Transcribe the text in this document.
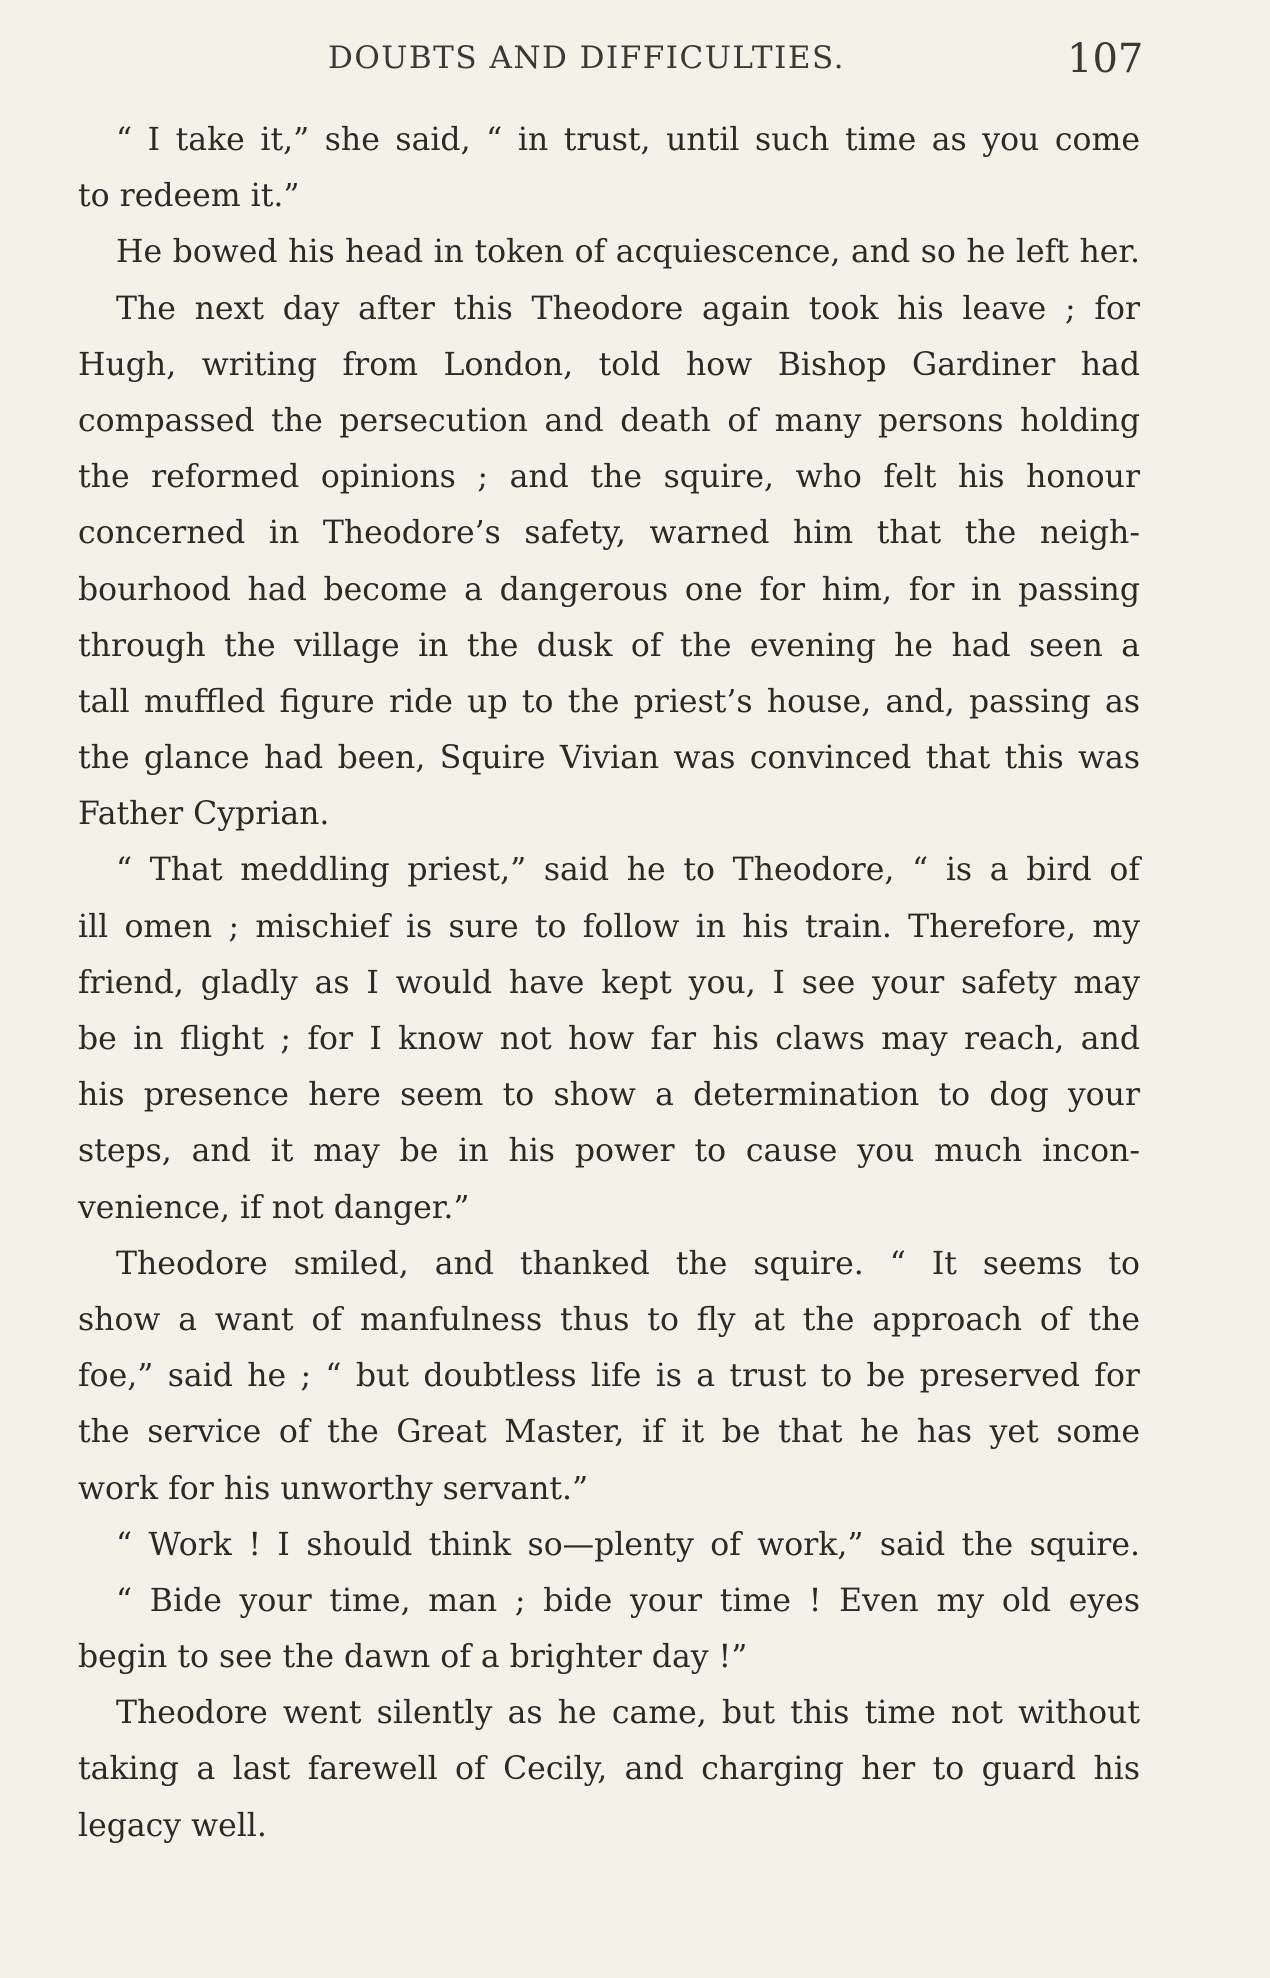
DOUBTS AND DIFFICULTIES.	107
“ I take it,” she said, “ in trust, until such time as you come
to redeem it.”
He bowed his head in token of acquiescence, and so he left her.
The next day after this Theodore again took his leave ; for
Hugh, writing from London, told how Bishop Gardiner had
compassed the persecution and death of many persons holding
the reformed opinions ; and the squire, who felt his honour
concerned in Theodore’s safety, warned him that the neigh-
bourhood had become a dangerous one for him, for in passing
through the village in the dusk of the evening he had seen a
tall muffled figure ride up to the priest’s house, and, passing as
the glance had been, Squire Vivian was convinced that this was
Father Cyprian.
“ That meddling priest,” said he to Theodore, “ is a bird of
ill omen ; mischief is sure to follow in his train. Therefore, my
friend, gladly as I would have kept you, I see your safety may
be in flight ; for I know not how far his claws may reach, and
his presence here seem to show a determination to dog your
steps, and it may be in his power to cause you much incon-
venience, if not danger.”
Theodore smiled, and thanked the squire. “ It seems to
show a want of manfulness thus to fly at the approach of the
foe,” said he ; “ but doubtless life is a trust to be preserved for
the service of the Great Master, if it be that he has yet some
work for his unworthy servant.”
“ Work ! I should think so—plenty of work,” said the squire.
“ Bide your time, man ; bide your time ! Even my old eyes
begin to see the dawn of a brighter day !”
Theodore went silently as he came, but this time not without
taking a last farewell of Cecily, and charging her to guard his
legacy well.
